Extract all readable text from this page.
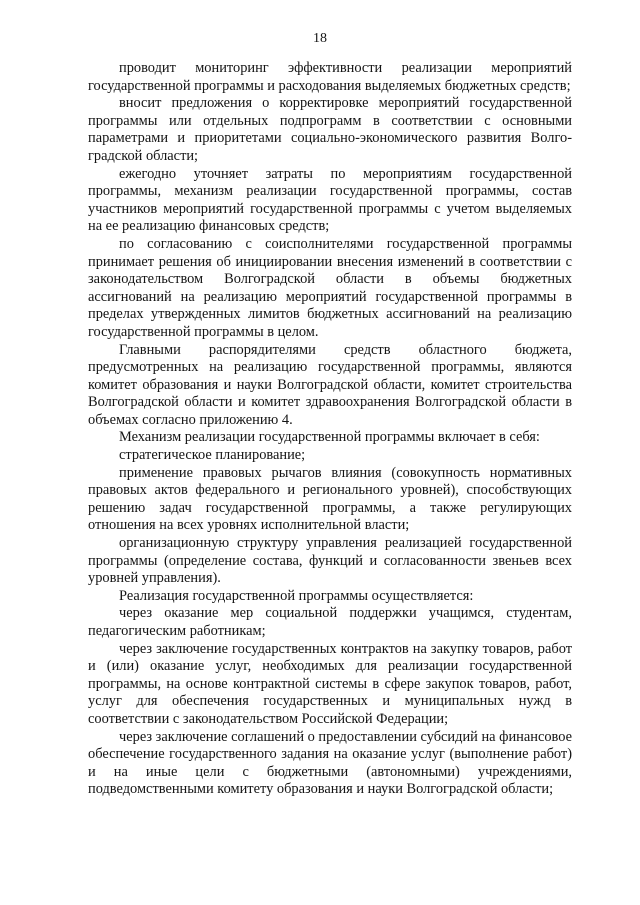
18

проводит мониторинг эффективности реализации мероприятий государственной программы и расходования выделяемых бюджетных средств;

вносит предложения о корректировке мероприятий государственной программы или отдельных подпрограмм в соответствии с основными параметрами и приоритетами социально-экономического развития Волгоградской области;

ежегодно уточняет затраты по мероприятиям государственной программы, механизм реализации государственной программы, состав участников мероприятий государственной программы с учетом выделяемых на ее реализацию финансовых средств;

по согласованию с соисполнителями государственной программы принимает решения об инициировании внесения изменений в соответствии с законодательством Волгоградской области в объемы бюджетных ассигнований на реализацию мероприятий государственной программы в пределах утвержденных лимитов бюджетных ассигнований на реализацию государственной программы в целом.

Главными распорядителями средств областного бюджета, предусмотренных на реализацию государственной программы, являются комитет образования и науки Волгоградской области, комитет строительства Волгоградской области и комитет здравоохранения Волгоградской области в объемах согласно приложению 4.

Механизм реализации государственной программы включает в себя:

стратегическое планирование;

применение правовых рычагов влияния (совокупность нормативных правовых актов федерального и регионального уровней), способствующих решению задач государственной программы, а также регулирующих отношения на всех уровнях исполнительной власти;

организационную структуру управления реализацией государственной программы (определение состава, функций и согласованности звеньев всех уровней управления).

Реализация государственной программы осуществляется:

через оказание мер социальной поддержки учащимся, студентам, педагогическим работникам;

через заключение государственных контрактов на закупку товаров, работ и (или) оказание услуг, необходимых для реализации государственной программы, на основе контрактной системы в сфере закупок товаров, работ, услуг для обеспечения государственных и муниципальных нужд в соответствии с законодательством Российской Федерации;

через заключение соглашений о предоставлении субсидий на финансовое обеспечение государственного задания на оказание услуг (выполнение работ) и на иные цели с бюджетными (автономными) учреждениями, подведомственными комитету образования и науки Волгоградской области;
